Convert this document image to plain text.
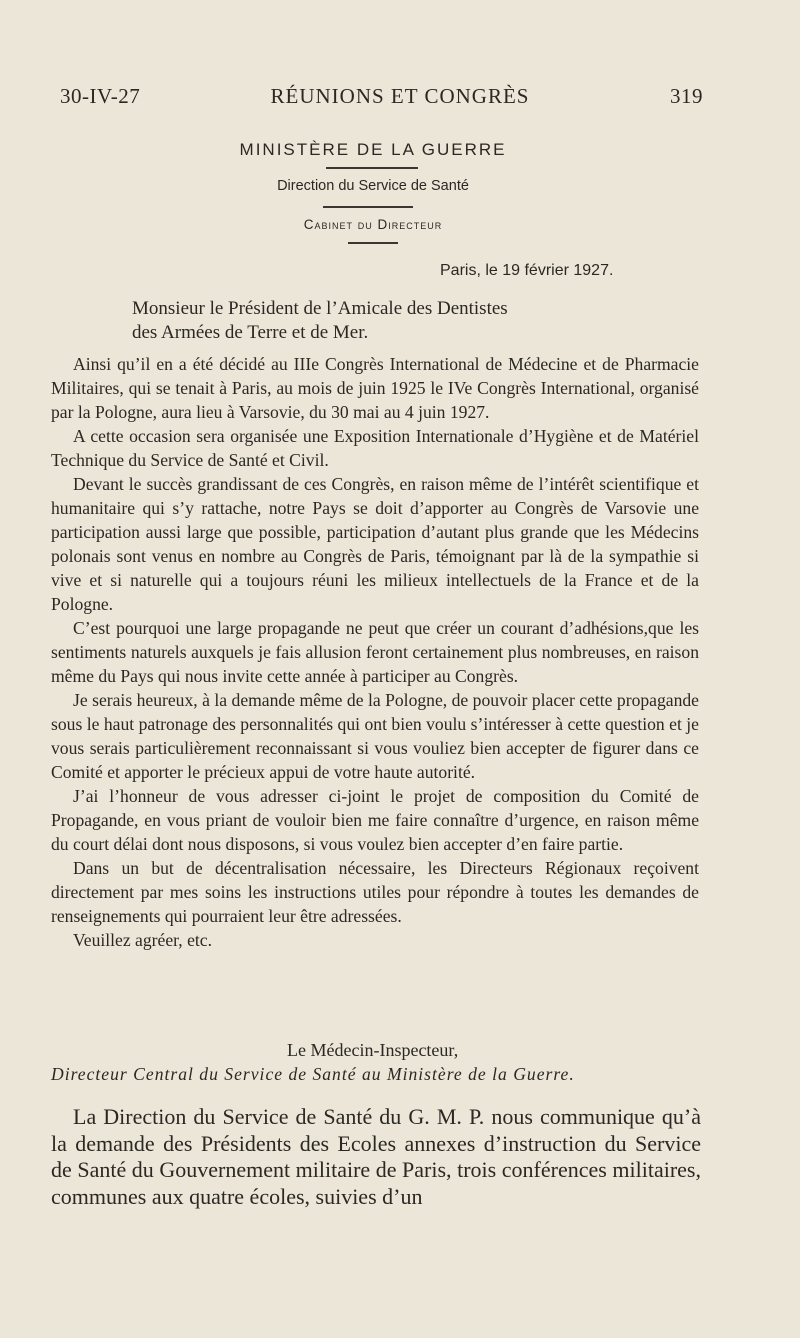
30-IV-27	RÉUNIONS ET CONGRÈS	319
MINISTÈRE DE LA GUERRE
Direction du Service de Santé
Cabinet du Directeur
Paris, le 19 février 1927.
Monsieur le Président de l’Amicale des Dentistes
des Armées de Terre et de Mer.

Ainsi qu’il en a été décidé au IIIe Congrès International de Médecine et de Pharmacie Militaires, qui se tenait à Paris, au mois de juin 1925 le IVe Congrès International, organisé par la Pologne, aura lieu à Varsovie, du 30 mai au 4 juin 1927.

A cette occasion sera organisée une Exposition Internationale d’Hygiène et de Matériel Technique du Service de Santé et Civil.

Devant le succès grandissant de ces Congrès, en raison même de l’intérêt scientifique et humanitaire qui s’y rattache, notre Pays se doit d’apporter au Congrès de Varsovie une participation aussi large que possible, participation d’autant plus grande que les Médecins polonais sont venus en nombre au Congrès de Paris, témoignant par là de la sympathie si vive et si naturelle qui a toujours réuni les milieux intellectuels de la France et de la Pologne.

C’est pourquoi une large propagande ne peut que créer un courant d’adhésions,que les sentiments naturels auxquels je fais allusion feront certainement plus nombreuses, en raison même du Pays qui nous invite cette année à participer au Congrès.

Je serais heureux, à la demande même de la Pologne, de pouvoir placer cette propagande sous le haut patronage des personnalités qui ont bien voulu s’intéresser à cette question et je vous serais particulièrement reconnaissant si vous vouliez bien accepter de figurer dans ce Comité et apporter le précieux appui de votre haute autorité.

J’ai l’honneur de vous adresser ci-joint le projet de composition du Comité de Propagande, en vous priant de vouloir bien me faire connaître d’urgence, en raison même du court délai dont nous disposons, si vous voulez bien accepter d’en faire partie.

Dans un but de décentralisation nécessaire, les Directeurs Régionaux reçoivent directement par mes soins les instructions utiles pour répondre à toutes les demandes de renseignements qui pourraient leur être adressées.

Veuillez agréer, etc.

Le Médecin-Inspecteur,
Directeur Central du Service de Santé au Ministère de la Guerre.

La Direction du Service de Santé du G. M. P. nous communique qu’à la demande des Présidents des Ecoles annexes d’instruction du Service de Santé du Gouvernement militaire de Paris, trois conférences militaires, communes aux quatre écoles, suivies d’un
